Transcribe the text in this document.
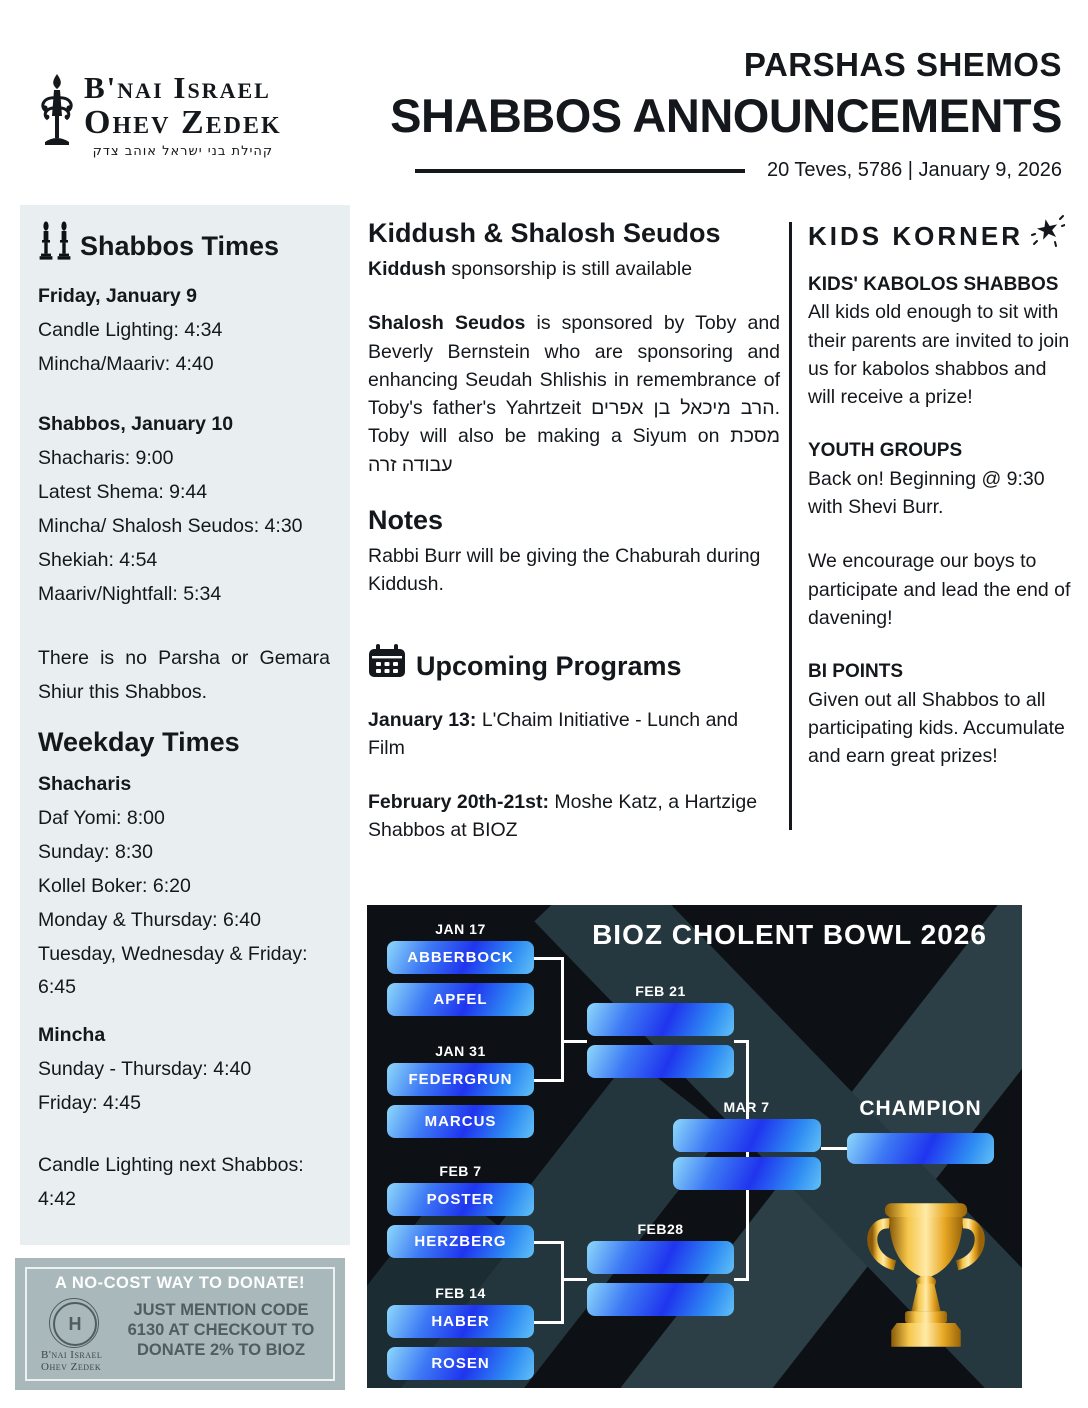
B'nai Israel
Ohev Zedek
קהילת בני ישראל אוהב צדק
PARSHAS SHEMOS
SHABBOS ANNOUNCEMENTS
20 Teves, 5786 | January 9, 2026
Shabbos Times

Friday, January 9

Candle Lighting: 4:34

Mincha/Maariv: 4:40

Shabbos, January 10

Shacharis: 9:00

Latest Shema: 9:44

Mincha/ Shalosh Seudos: 4:30

Shekiah: 4:54

Maariv/Nightfall: 5:34

There is no Parsha or Gemara Shiur this Shabbos.

Weekday Times

Shacharis

Daf Yomi: 8:00

Sunday: 8:30

Kollel Boker: 6:20

Monday & Thursday: 6:40

Tuesday, Wednesday & Friday: 6:45

Mincha

Sunday - Thursday: 4:40

Friday: 4:45

Candle Lighting next Shabbos: 4:42

A NO-COST WAY TO DONATE!
H
JUST MENTION CODE
6130 AT CHECKOUT TO
DONATE 2% TO BIOZ
B'nai Israel
Ohev Zedek
Kiddush & Shalosh Seudos

Kiddush sponsorship is still available

Shalosh Seudos is sponsored by Toby and Beverly Bernstein who are sponsoring and enhancing Seudah Shlishis in remembrance of Toby's father's Yahrtzeit הרב מיכאל בן אפרים. Toby will also be making a Siyum on מסכת עבודה זרה

Notes

Rabbi Burr will be giving the Chaburah during Kiddush.

Upcoming Programs

January 13: L'Chaim Initiative - Lunch and Film

February 20th-21st: Moshe Katz, a Hartzige Shabbos at BIOZ

KIDS KORNER

KIDS' KABOLOS SHABBOS

All kids old enough to sit with their parents are invited to join us for kabolos shabbos and will receive a prize!

YOUTH GROUPS

Back on! Beginning @ 9:30 with Shevi Burr.

We encourage our boys to participate and lead the end of davening!

BI POINTS

Given out all Shabbos to all participating kids. Accumulate and earn great prizes!

BIOZ CHOLENT BOWL 2026
JAN 17
ABBERBOCK
APFEL
JAN 31
FEDERGRUN
MARCUS
FEB 7
POSTER
HERZBERG
FEB 14
HABER
ROSEN
FEB 21
FEB28
MAR 7	CHAMPION
